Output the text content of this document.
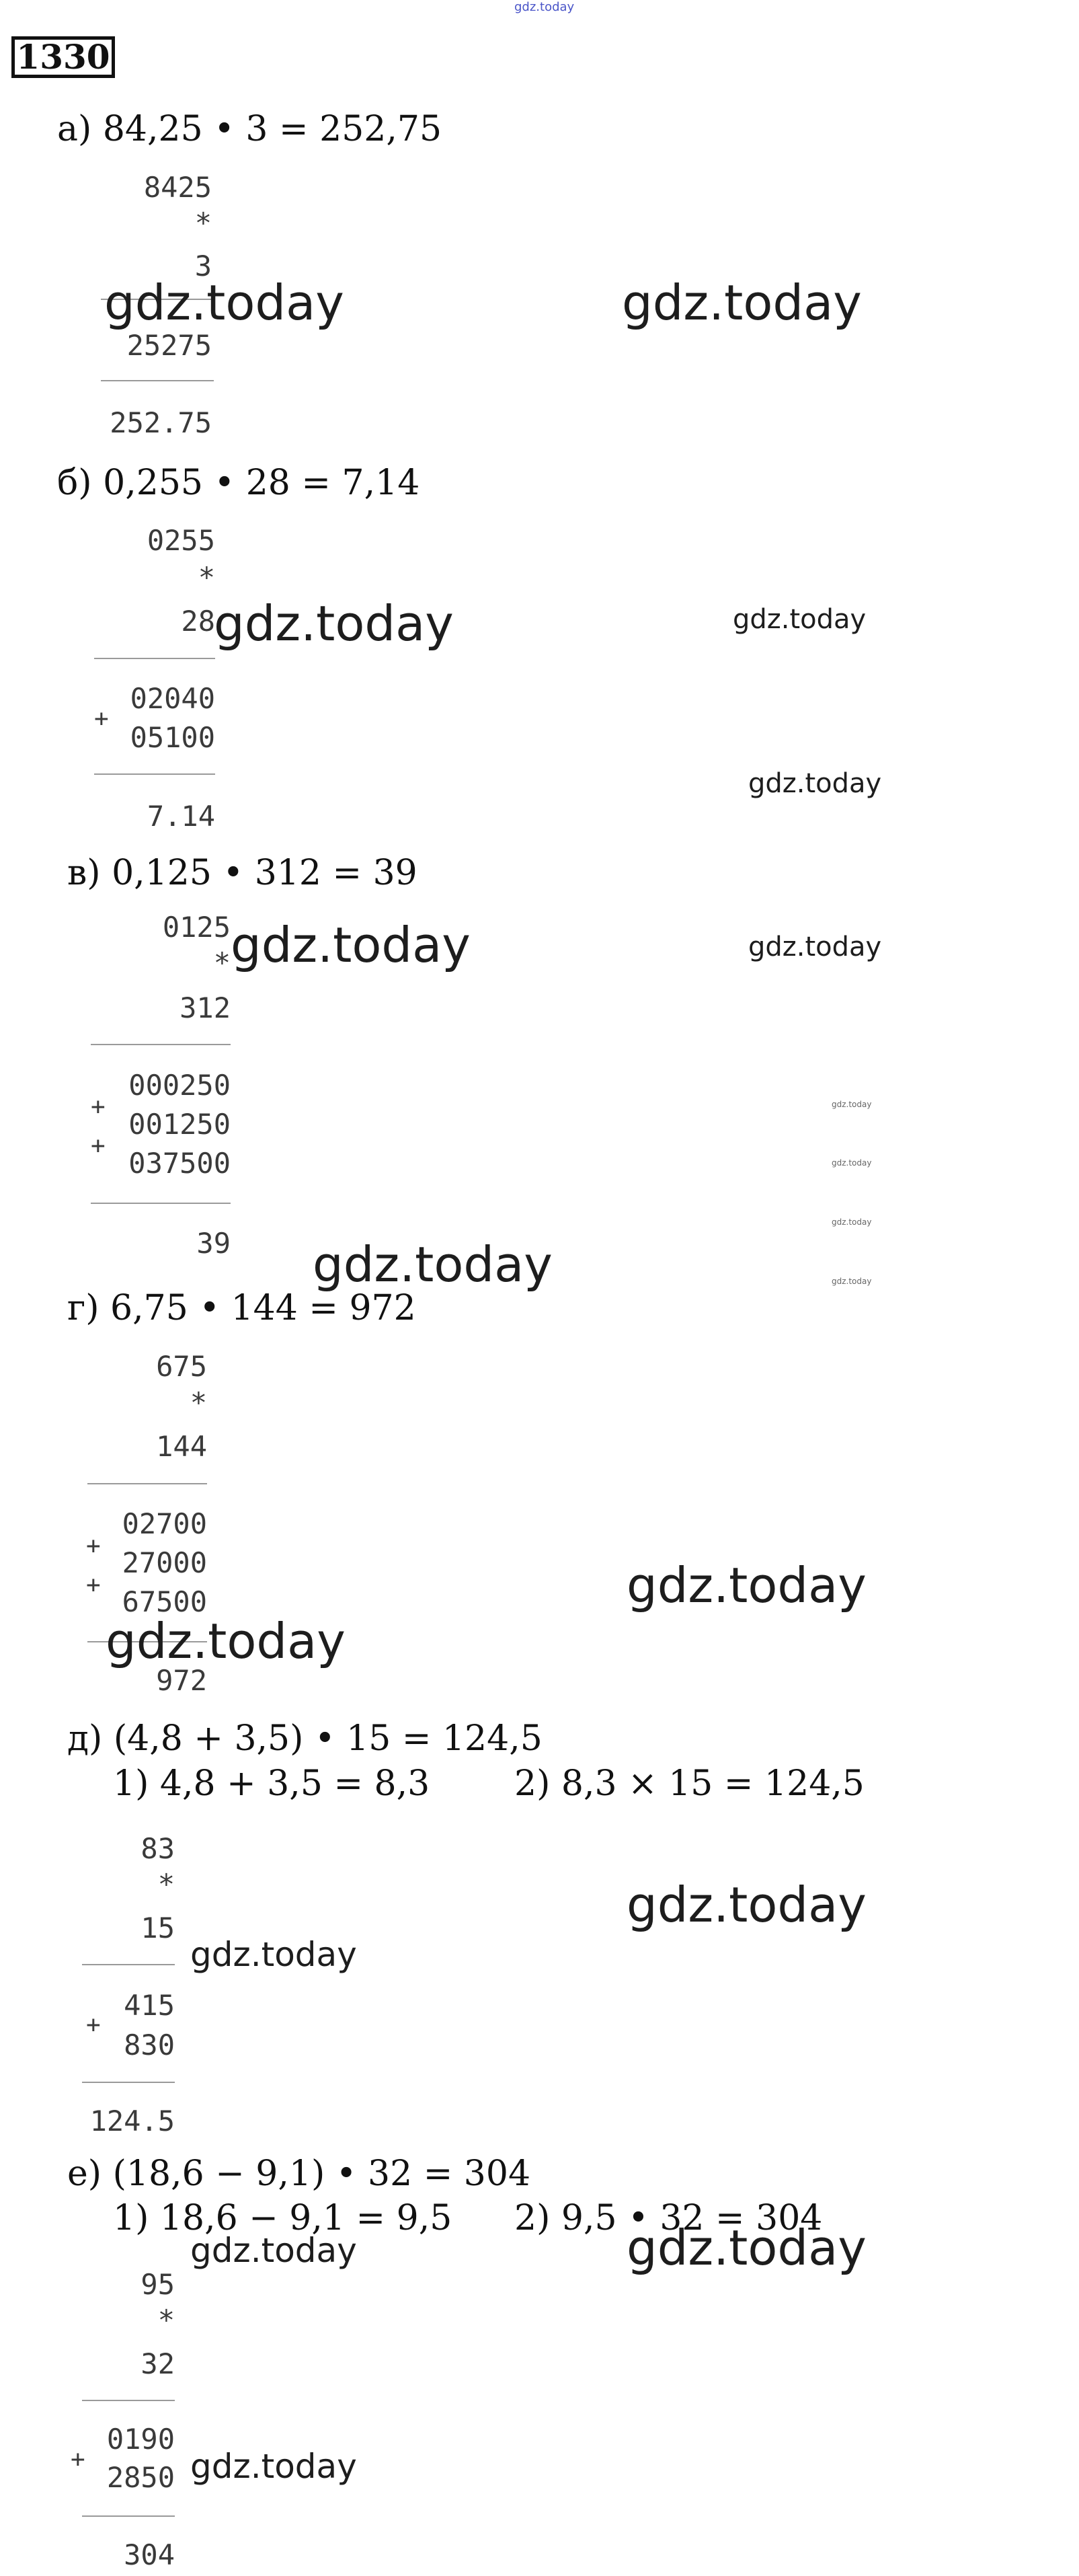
gdz.today
1330
а) 84,25 • 3 = 252,75
8425
*
3
25275
252.75
б) 0,255 • 28 = 7,14
0255
*
28
02040
+
05100
7.14
в) 0,125 • 312 = 39
0125
*
312
000250
+
001250
+
037500
39
г) 6,75 • 144 = 972
675
*
144
02700
+
27000
+
67500
972
д) (4,8 + 3,5) • 15 = 124,5
1) 4,8 + 3,5 = 8,3 2) 8,3 × 15 = 124,5
83
*
15
415
+
830
124.5
е) (18,6 − 9,1) • 32 = 304
1) 18,6 − 9,1 = 9,5 2) 9,5 • 32 = 304
95
*
32
0190
+
2850
304
gdz.today	gdz.today
gdz.today	gdz.today
gdz.today
gdz.today	gdz.today
gdz.today
gdz.today
gdz.today
gdz.today
gdz.today
gdz.today
gdz.today
gdz.today
gdz.today
gdz.today	gdz.today
gdz.today
